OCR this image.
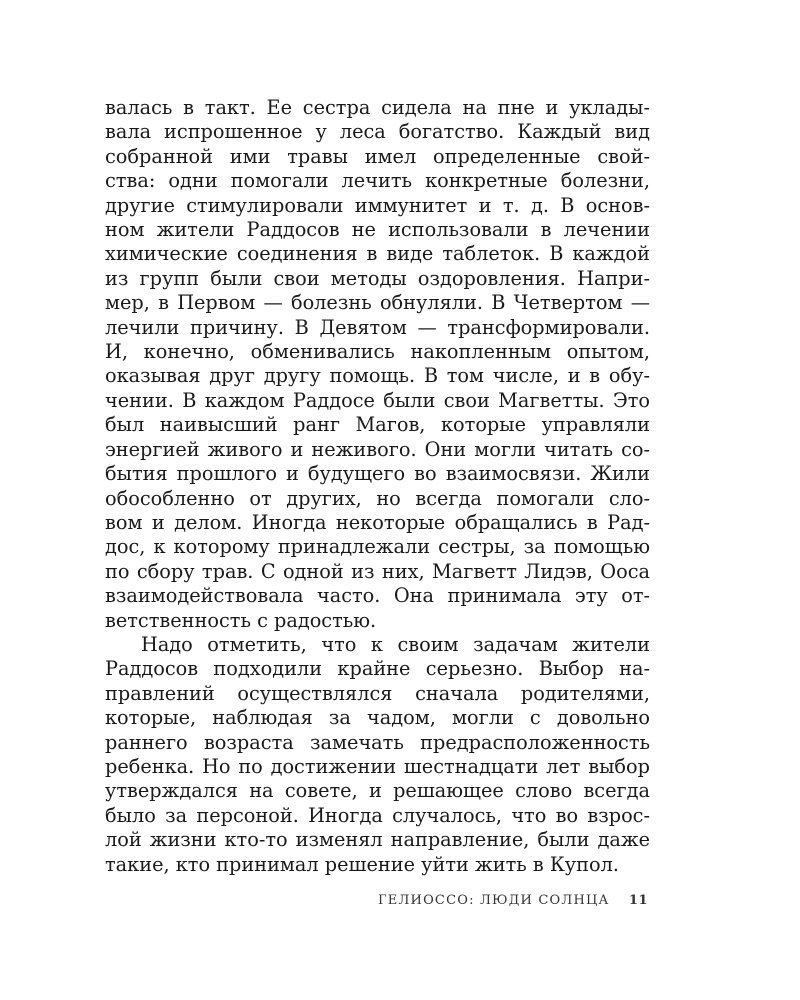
валась в такт. Ее сестра сидела на пне и уклады-
вала испрошенное у леса богатство. Каждый вид
собранной ими травы имел определенные свой-
ства: одни помогали лечить конкретные болезни,
другие стимулировали иммунитет и т. д. В основ-
ном жители Раддосов не использовали в лечении
химические соединения в виде таблеток. В каждой
из групп были свои методы оздоровления. Напри-
мер, в Первом — болезнь обнуляли. В Четвертом —
лечили причину. В Девятом — трансформировали.
И, конечно, обменивались накопленным опытом,
оказывая друг другу помощь. В том числе, и в обу-
чении. В каждом Раддосе были свои Магветты. Это
был наивысший ранг Магов, которые управляли
энергией живого и неживого. Они могли читать со-
бытия прошлого и будущего во взаимосвязи. Жили
обособленно от других, но всегда помогали сло-
вом и делом. Иногда некоторые обращались в Рад-
дос, к которому принадлежали сестры, за помощью
по сбору трав. С одной из них, Магветт Лидэв, Ооса
взаимодействовала часто. Она принимала эту от-
ветственность с радостью.
Надо отметить, что к своим задачам жители
Раддосов подходили крайне серьезно. Выбор на-
правлений осуществлялся сначала родителями,
которые, наблюдая за чадом, могли с довольно
раннего возраста замечать предрасположенность
ребенка. Но по достижении шестнадцати лет выбор
утверждался на совете, и решающее слово всегда
было за персоной. Иногда случалось, что во взрос-
лой жизни кто-то изменял направление, были даже
такие, кто принимал решение уйти жить в Купол.
ГЕЛИОССО: ЛЮДИ СОЛНЦА 11
